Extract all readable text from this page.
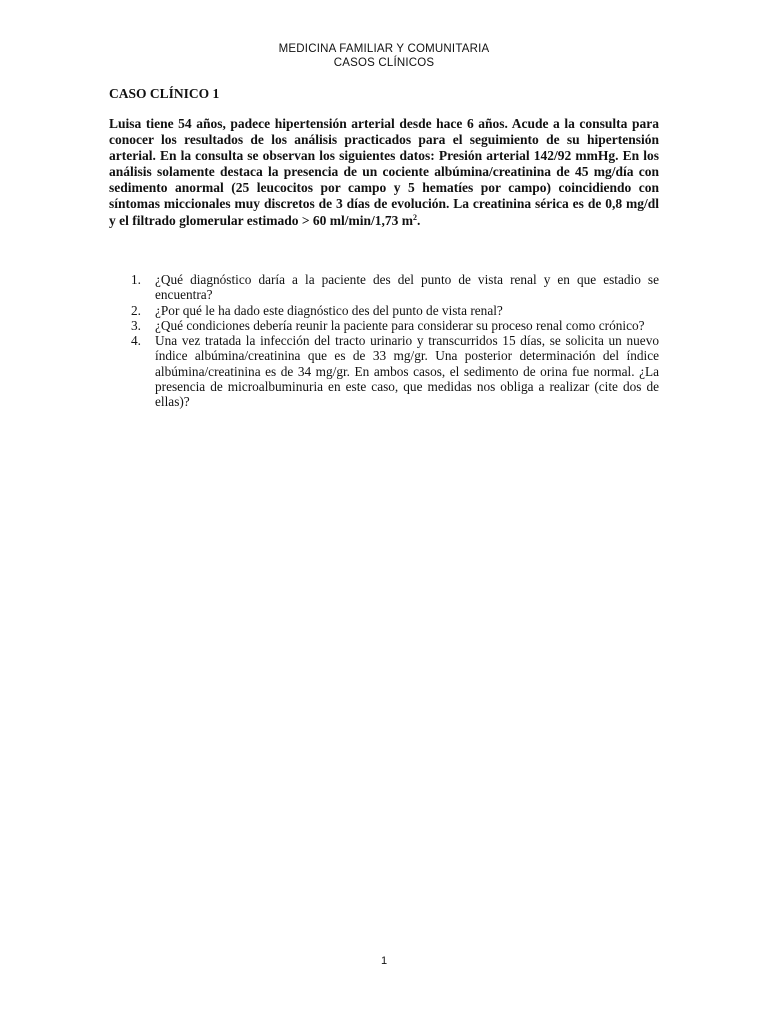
MEDICINA FAMILIAR Y COMUNITARIA
CASOS CLÍNICOS
CASO CLÍNICO 1

Luisa tiene 54 años, padece hipertensión arterial desde hace 6 años. Acude a la consulta para conocer los resultados de los análisis practicados para el seguimiento de su hipertensión arterial. En la consulta se observan los siguientes datos: Presión arterial 142/92 mmHg. En los análisis solamente destaca la presencia de un cociente albúmina/creatinina de 45 mg/día con sedimento anormal (25 leucocitos por campo y 5 hematíes por campo) coincidiendo con síntomas miccionales muy discretos de 3 días de evolución. La creatinina sérica es de 0,8 mg/dl y el filtrado glomerular estimado > 60 ml/min/1,73 $m^2$.

1. ¿Qué diagnóstico daría a la paciente des del punto de vista renal y en que estadio se encuentra?
2. ¿Por qué le ha dado este diagnóstico des del punto de vista renal?
3. ¿Qué condiciones debería reunir la paciente para considerar su proceso renal como crónico?
4. Una vez tratada la infección del tracto urinario y transcurridos 15 días, se solicita un nuevo índice albúmina/creatinina que es de 33 mg/gr. Una posterior determinación del índice albúmina/creatinina es de 34 mg/gr. En ambos casos, el sedimento de orina fue normal. ¿La presencia de microalbuminuria en este caso, que medidas nos obliga a realizar (cite dos de ellas)?
1
